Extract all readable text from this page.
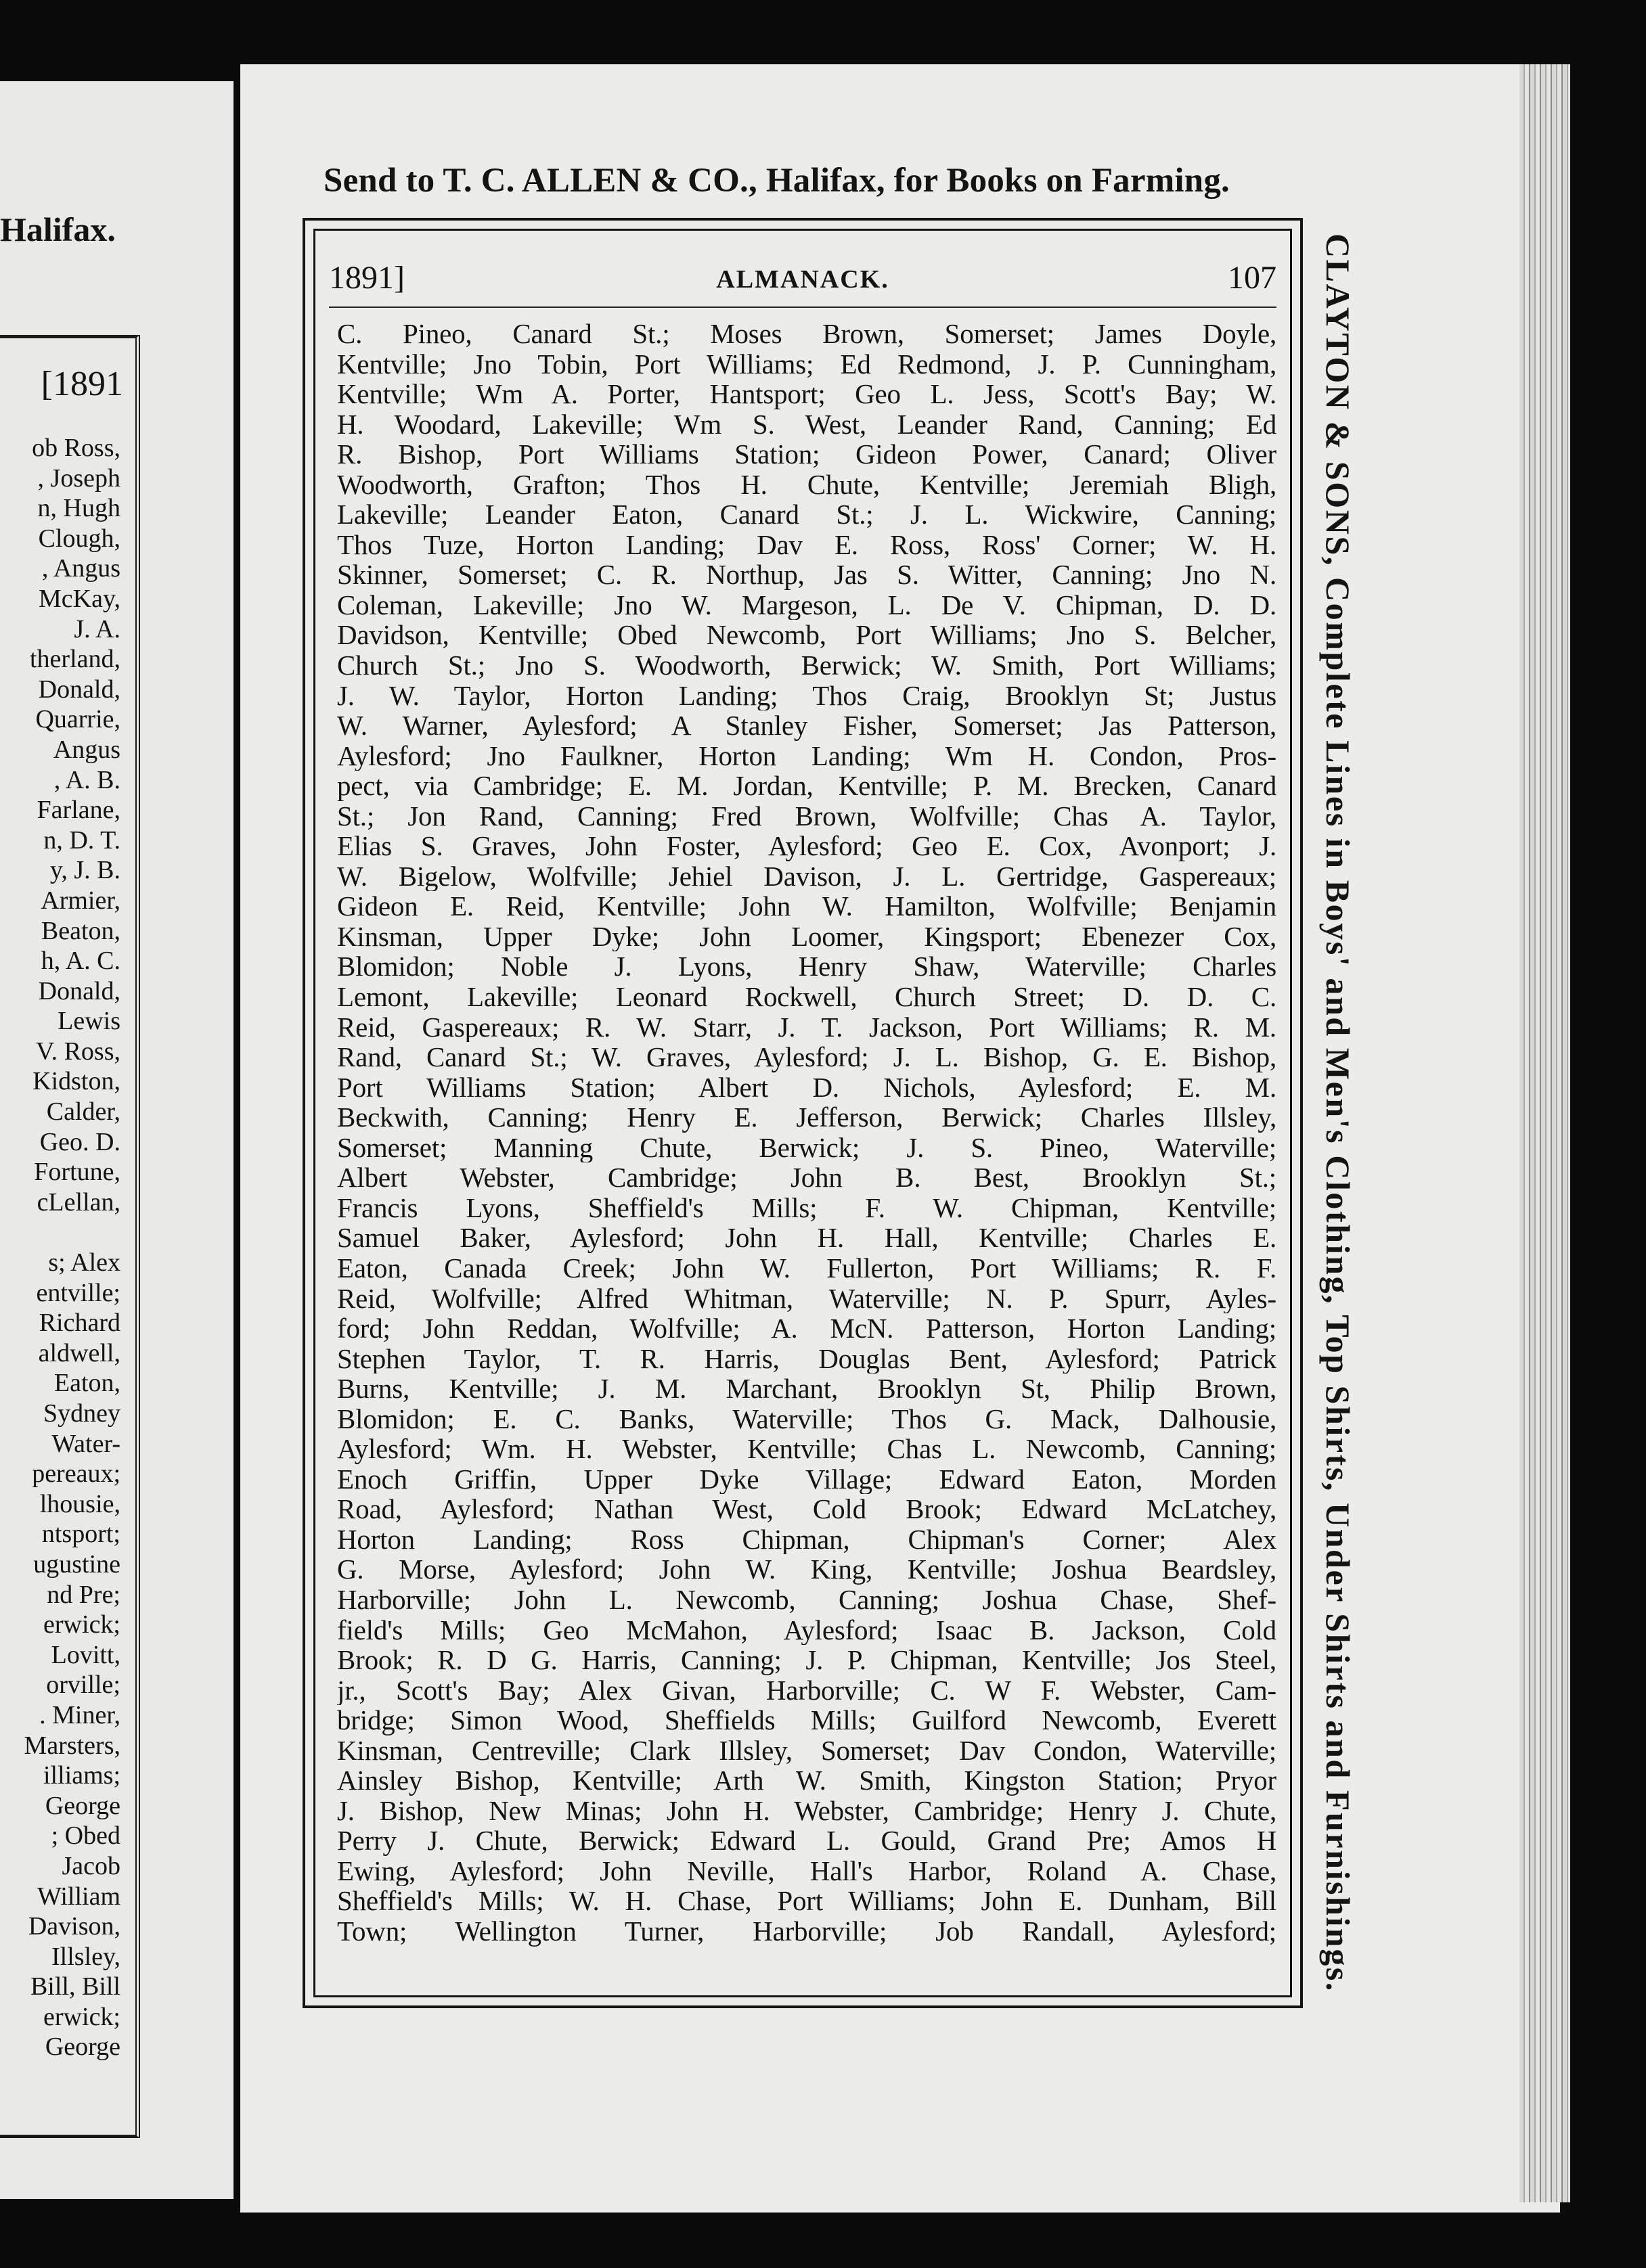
Halifax.
[1891
ob Ross,
, Joseph
n, Hugh
Clough,
, Angus
McKay,
J. A.
therland,
Donald,
Quarrie,
Angus
, A. B.
Farlane,
n, D. T.
y, J. B.
Armier,
Beaton,
h, A. C.
Donald,
Lewis
V. Ross,
Kidston,
Calder,
Geo. D.
Fortune,
cLellan,
s; Alex
entville;
Richard
aldwell,
Eaton,
Sydney
Water-
pereaux;
lhousie,
ntsport;
ugustine
nd Pre;
erwick;
Lovitt,
orville;
. Miner,
Marsters,
illiams;
George
; Obed
Jacob
William
Davison,
Illsley,
Bill, Bill
erwick;
George
Send to T. C. ALLEN & CO., Halifax, for Books on Farming.
1891]	ALMANACK.	107
C. Pineo, Canard St.; Moses Brown, Somerset; James Doyle,
Kentville; Jno Tobin, Port Williams; Ed Redmond, J. P. Cunningham,
Kentville; Wm A. Porter, Hantsport; Geo L. Jess, Scott's Bay; W.
H. Woodard, Lakeville; Wm S. West, Leander Rand, Canning; Ed
R. Bishop, Port Williams Station; Gideon Power, Canard; Oliver
Woodworth, Grafton; Thos H. Chute, Kentville; Jeremiah Bligh,
Lakeville; Leander Eaton, Canard St.; J. L. Wickwire, Canning;
Thos Tuze, Horton Landing; Dav E. Ross, Ross' Corner; W. H.
Skinner, Somerset; C. R. Northup, Jas S. Witter, Canning; Jno N.
Coleman, Lakeville; Jno W. Margeson, L. De V. Chipman, D. D.
Davidson, Kentville; Obed Newcomb, Port Williams; Jno S. Belcher,
Church St.; Jno S. Woodworth, Berwick; W. Smith, Port Williams;
J. W. Taylor, Horton Landing; Thos Craig, Brooklyn St; Justus
W. Warner, Aylesford; A Stanley Fisher, Somerset; Jas Patterson,
Aylesford; Jno Faulkner, Horton Landing; Wm H. Condon, Pros-
pect, via Cambridge; E. M. Jordan, Kentville; P. M. Brecken, Canard
St.; Jon Rand, Canning; Fred Brown, Wolfville; Chas A. Taylor,
Elias S. Graves, John Foster, Aylesford; Geo E. Cox, Avonport; J.
W. Bigelow, Wolfville; Jehiel Davison, J. L. Gertridge, Gaspereaux;
Gideon E. Reid, Kentville; John W. Hamilton, Wolfville; Benjamin
Kinsman, Upper Dyke; John Loomer, Kingsport; Ebenezer Cox,
Blomidon; Noble J. Lyons, Henry Shaw, Waterville; Charles
Lemont, Lakeville; Leonard Rockwell, Church Street; D. D. C.
Reid, Gaspereaux; R. W. Starr, J. T. Jackson, Port Williams; R. M.
Rand, Canard St.; W. Graves, Aylesford; J. L. Bishop, G. E. Bishop,
Port Williams Station; Albert D. Nichols, Aylesford; E. M.
Beckwith, Canning; Henry E. Jefferson, Berwick; Charles Illsley,
Somerset; Manning Chute, Berwick; J. S. Pineo, Waterville;
Albert Webster, Cambridge; John B. Best, Brooklyn St.;
Francis Lyons, Sheffield's Mills; F. W. Chipman, Kentville;
Samuel Baker, Aylesford; John H. Hall, Kentville; Charles E.
Eaton, Canada Creek; John W. Fullerton, Port Williams; R. F.
Reid, Wolfville; Alfred Whitman, Waterville; N. P. Spurr, Ayles-
ford; John Reddan, Wolfville; A. McN. Patterson, Horton Landing;
Stephen Taylor, T. R. Harris, Douglas Bent, Aylesford; Patrick
Burns, Kentville; J. M. Marchant, Brooklyn St, Philip Brown,
Blomidon; E. C. Banks, Waterville; Thos G. Mack, Dalhousie,
Aylesford; Wm. H. Webster, Kentville; Chas L. Newcomb, Canning;
Enoch Griffin, Upper Dyke Village; Edward Eaton, Morden
Road, Aylesford; Nathan West, Cold Brook; Edward McLatchey,
Horton Landing; Ross Chipman, Chipman's Corner; Alex
G. Morse, Aylesford; John W. King, Kentville; Joshua Beardsley,
Harborville; John L. Newcomb, Canning; Joshua Chase, Shef-
field's Mills; Geo McMahon, Aylesford; Isaac B. Jackson, Cold
Brook; R. D G. Harris, Canning; J. P. Chipman, Kentville; Jos Steel,
jr., Scott's Bay; Alex Givan, Harborville; C. W F. Webster, Cam-
bridge; Simon Wood, Sheffields Mills; Guilford Newcomb, Everett
Kinsman, Centreville; Clark Illsley, Somerset; Dav Condon, Waterville;
Ainsley Bishop, Kentville; Arth W. Smith, Kingston Station; Pryor
J. Bishop, New Minas; John H. Webster, Cambridge; Henry J. Chute,
Perry J. Chute, Berwick; Edward L. Gould, Grand Pre; Amos H
Ewing, Aylesford; John Neville, Hall's Harbor, Roland A. Chase,
Sheffield's Mills; W. H. Chase, Port Williams; John E. Dunham, Bill
Town; Wellington Turner, Harborville; Job Randall, Aylesford; CLAYTON & SONS, Complete Lines in Boys' and Men's Clothing, Top Shirts, Under Shirts and Furnishings.
